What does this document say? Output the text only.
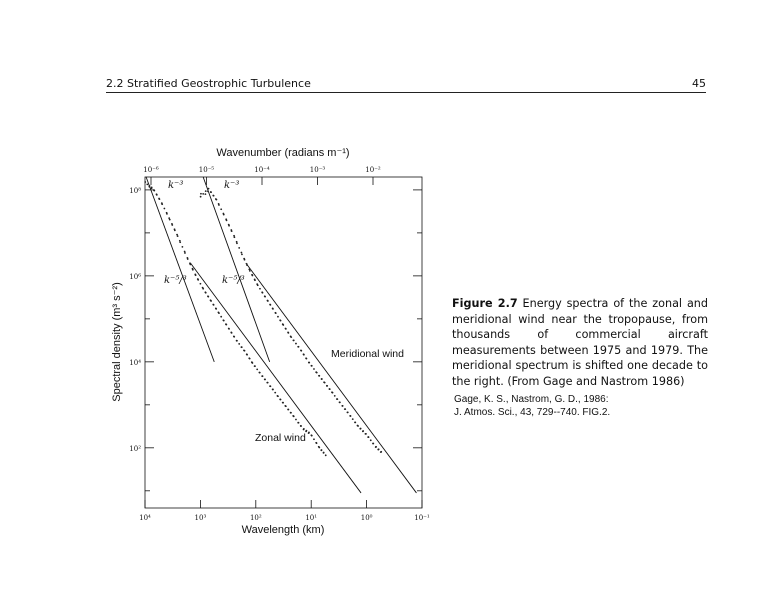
2.2 Stratified Geostrophic Turbulence	45
Wavenumber (radians m⁻¹)
Wavelength (km)
Spectral density (m³ s⁻²)
k⁻³	k⁻³
k⁻⁵/³	k⁻⁵/³
Meridional wind
Zonal wind
10⁴	10³	10²	10¹	10⁰	10⁻¹
10⁻⁶	10⁻⁵	10⁻⁴	10⁻³	10⁻²
10²
10⁴
10⁶
10⁸
Figure 2.7 Energy spectra of the zonal and meridional wind near the tropopause, from thousands of commercial aircraft measurements between 1975 and 1979. The meridional spectrum is shifted one decade to the right. (From Gage and Nastrom 1986)
Gage, K. S., Nastrom, G. D., 1986:
J. Atmos. Sci., 43, 729--740. FIG.2.
